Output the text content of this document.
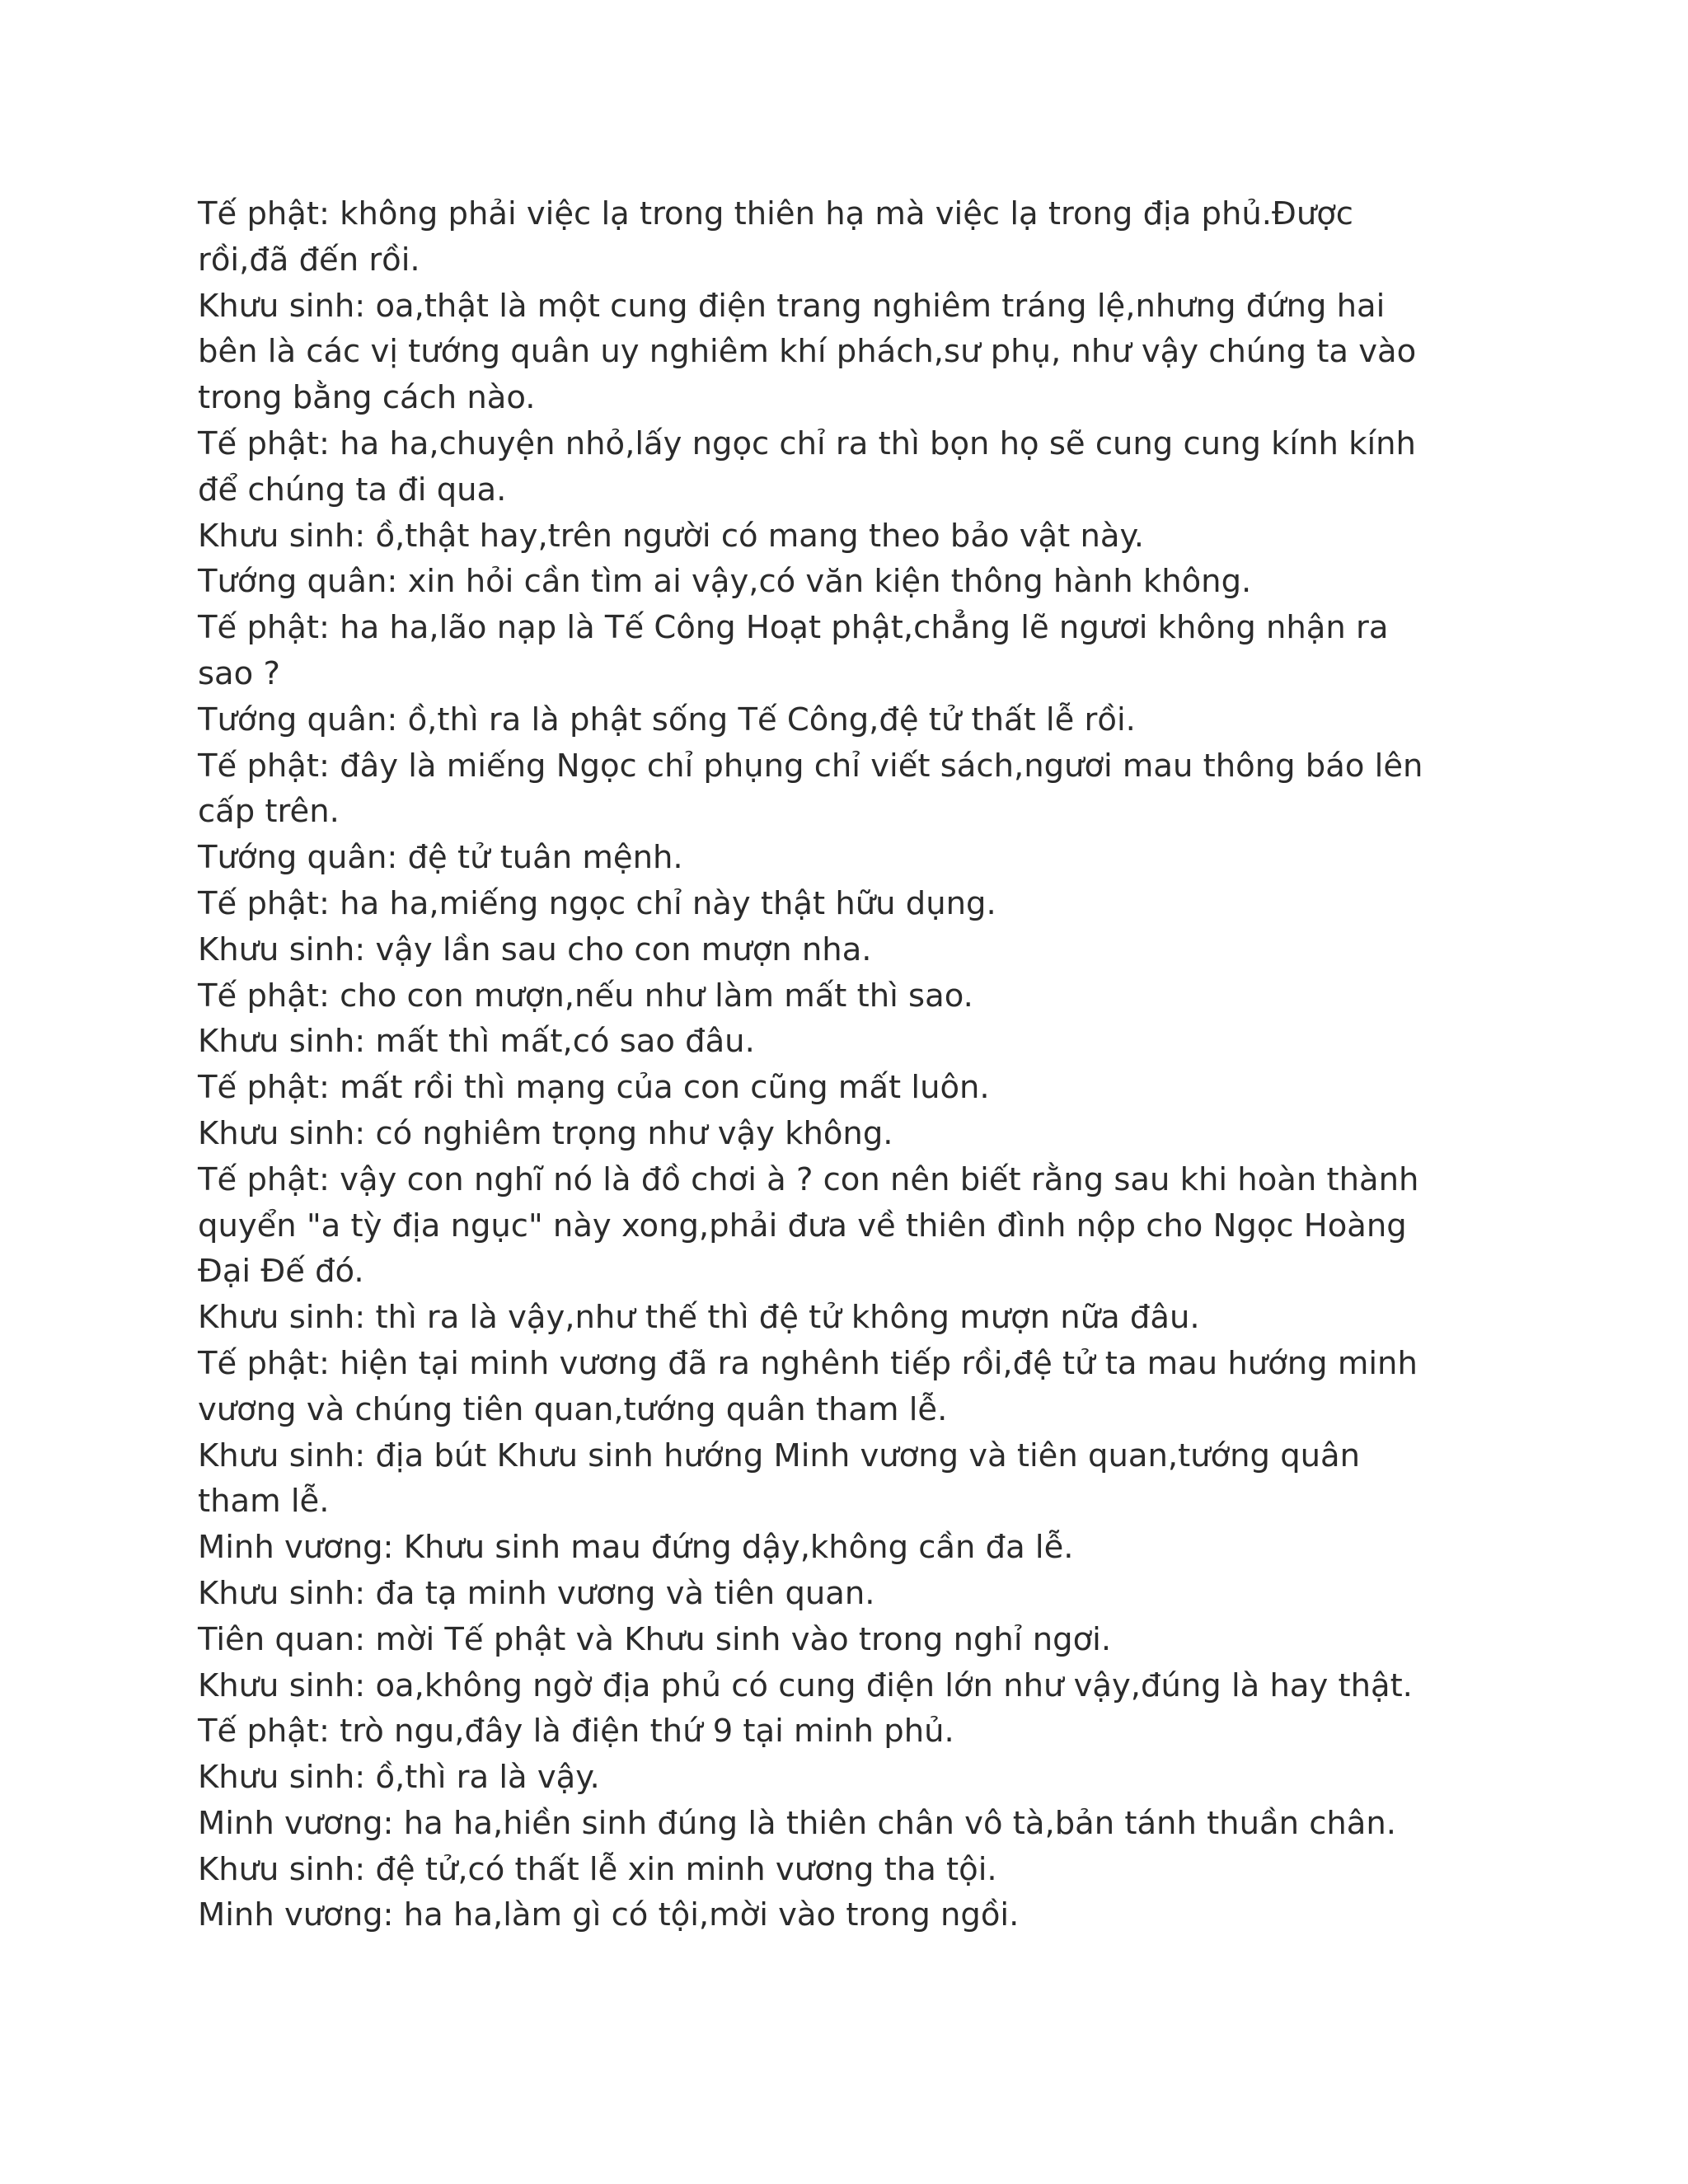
Tế phật: không phải việc lạ trong thiên hạ mà việc lạ trong địa phủ.Được
rồi,đã đến rồi.
Khưu sinh: oa,thật là một cung điện trang nghiêm tráng lệ,nhưng đứng hai
bên là các vị tướng quân uy nghiêm khí phách,sư phụ, như vậy chúng ta vào
trong bằng cách nào.
Tế phật: ha ha,chuyện nhỏ,lấy ngọc chỉ ra thì bọn họ sẽ cung cung kính kính
để chúng ta đi qua.
Khưu sinh: ồ,thật hay,trên người có mang theo bảo vật này.
Tướng quân: xin hỏi cần tìm ai vậy,có văn kiện thông hành không.
Tế phật: ha ha,lão nạp là Tế Công Hoạt phật,chẳng lẽ ngươi không nhận ra
sao ?
Tướng quân: ồ,thì ra là phật sống Tế Công,đệ tử thất lễ rồi.
Tế phật: đây là miếng Ngọc chỉ phụng chỉ viết sách,ngươi mau thông báo lên
cấp trên.
Tướng quân: đệ tử tuân mệnh.
Tế phật: ha ha,miếng ngọc chỉ này thật hữu dụng.
Khưu sinh: vậy lần sau cho con mượn nha.
Tế phật: cho con mượn,nếu như làm mất thì sao.
Khưu sinh: mất thì mất,có sao đâu.
Tế phật: mất rồi thì mạng của con cũng mất luôn.
Khưu sinh: có nghiêm trọng như vậy không.
Tế phật: vậy con nghĩ nó là đồ chơi à ? con nên biết rằng sau khi hoàn thành
quyển "a tỳ địa ngục" này xong,phải đưa về thiên đình nộp cho Ngọc Hoàng
Đại Đế đó.
Khưu sinh: thì ra là vậy,như thế thì đệ tử không mượn nữa đâu.
Tế phật: hiện tại minh vương đã ra nghênh tiếp rồi,đệ tử ta mau hướng minh
vương và chúng tiên quan,tướng quân tham lễ.
Khưu sinh: địa bút Khưu sinh hướng Minh vương và tiên quan,tướng quân
tham lễ.
Minh vương: Khưu sinh mau đứng dậy,không cần đa lễ.
Khưu sinh: đa tạ minh vương và tiên quan.
Tiên quan: mời Tế phật và Khưu sinh vào trong nghỉ ngơi.
Khưu sinh: oa,không ngờ địa phủ có cung điện lớn như vậy,đúng là hay thật.
Tế phật: trò ngu,đây là điện thứ 9 tại minh phủ.
Khưu sinh: ồ,thì ra là vậy.
Minh vương: ha ha,hiền sinh đúng là thiên chân vô tà,bản tánh thuần chân.
Khưu sinh: đệ tử,có thất lễ xin minh vương tha tội.
Minh vương: ha ha,làm gì có tội,mời vào trong ngồi.
